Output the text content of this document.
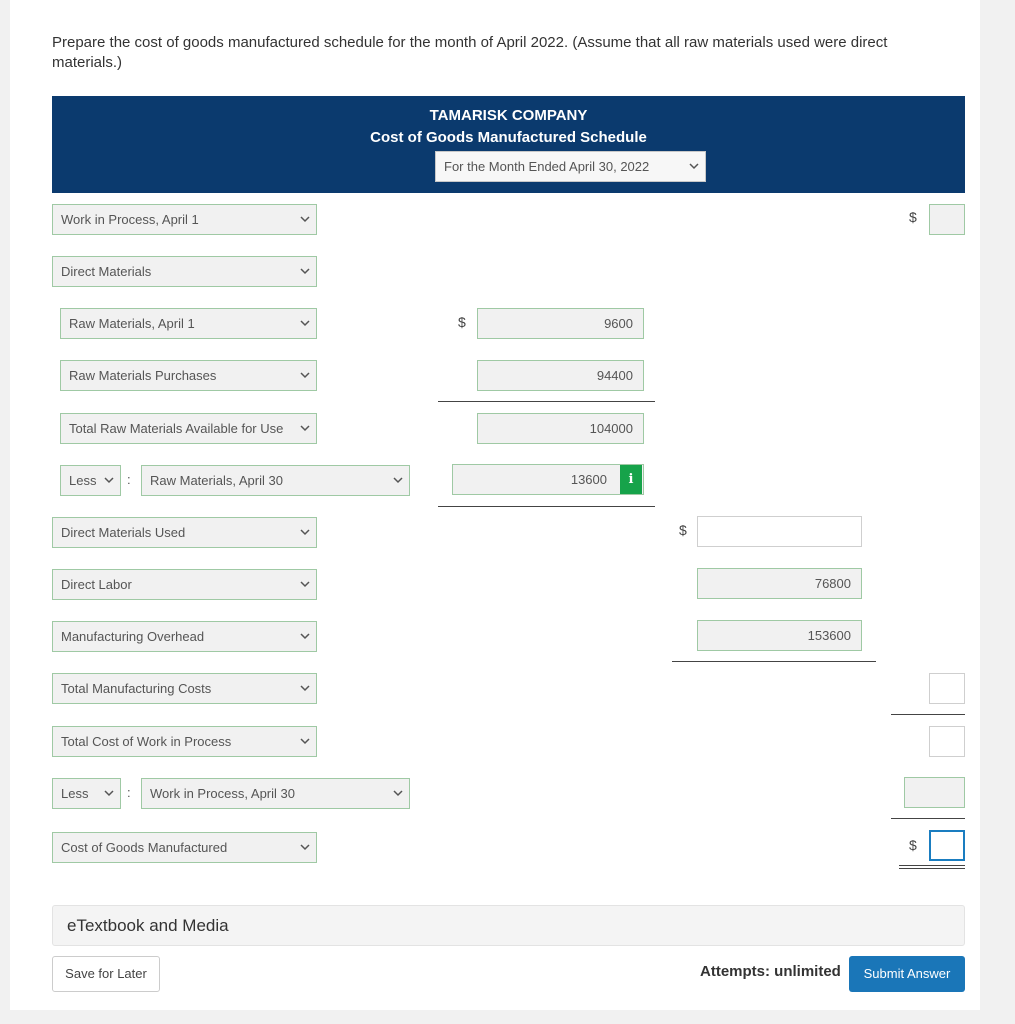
Prepare the cost of goods manufactured schedule for the month of April 2022. (Assume that all raw materials used were direct materials.)
TAMARISK COMPANY
Cost of Goods Manufactured Schedule
For the Month Ended April 30, 2022
Work in Process, April 1	$
Direct Materials
Raw Materials, April 1	$	9600
Raw Materials Purchases	94400
Total Raw Materials Available for Use	104000
Less	:	Raw Materials, April 30	13600	i
Direct Materials Used	$
Direct Labor	76800
Manufacturing Overhead	153600
Total Manufacturing Costs
Total Cost of Work in Process
Less	:	Work in Process, April 30
Cost of Goods Manufactured	$
eTextbook and Media
Save for Later	Attempts: unlimited	Submit Answer
